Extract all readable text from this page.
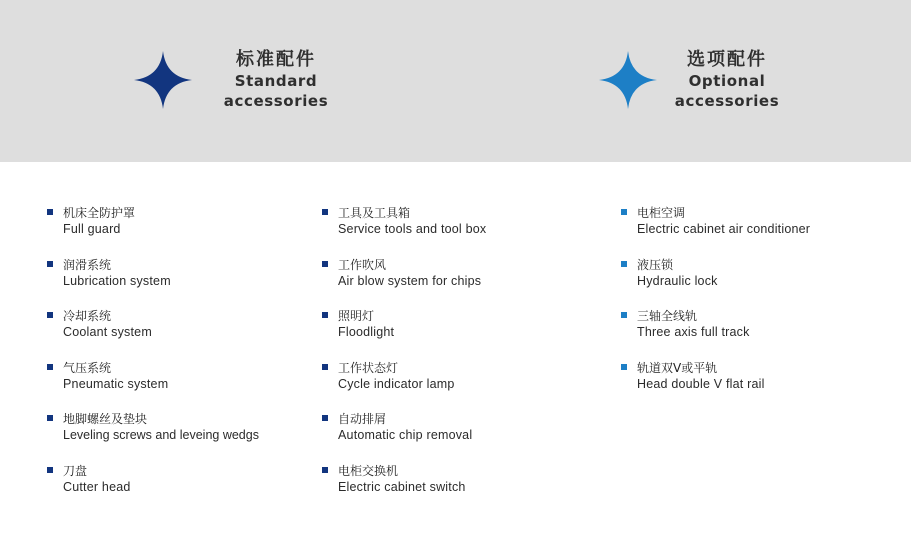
标准配件
Standard
accessories
选项配件
Optional
accessories
机床全防护罩
Full guard
润滑系统
Lubrication system
冷却系统
Coolant system
气压系统
Pneumatic system
地脚螺丝及垫块
Leveling screws and leveing wedgs
刀盘
Cutter head
工具及工具箱
Service tools and tool box
工作吹风
Air blow system for chips
照明灯
Floodlight
工作状态灯
Cycle indicator lamp
自动排屑
Automatic chip removal
电柜交换机
Electric cabinet switch
电柜空调
Electric cabinet air conditioner
液压锁
Hydraulic lock
三轴全线轨
Three axis full track
轨道双V或平轨
Head double V flat rail
